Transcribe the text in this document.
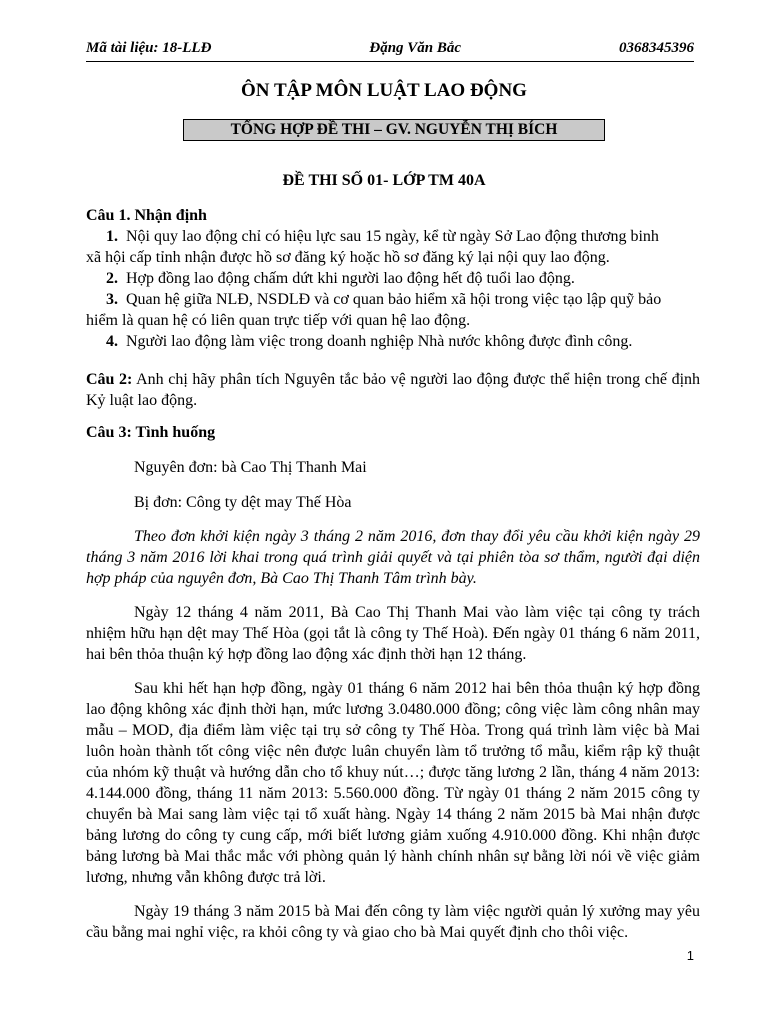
Mã tài liệu: 18-LLĐ	Đặng Văn Bắc	0368345396
ÔN TẬP MÔN LUẬT LAO ĐỘNG
TỔNG HỢP ĐỀ THI – GV. NGUYỄN THỊ BÍCH
ĐỀ THI SỐ 01- LỚP TM 40A

Câu 1. Nhận định

1. Nội quy lao động chỉ có hiệu lực sau 15 ngày, kể từ ngày Sở Lao động thương binh

xã hội cấp tỉnh nhận được hồ sơ đăng ký hoặc hồ sơ đăng ký lại nội quy lao động.

2. Hợp đồng lao động chấm dứt khi người lao động hết độ tuổi lao động.
3. Quan hệ giữa NLĐ, NSDLĐ và cơ quan bảo hiểm xã hội trong việc tạo lập quỹ bảo

hiểm là quan hệ có liên quan trực tiếp với quan hệ lao động.

4. Người lao động làm việc trong doanh nghiệp Nhà nước không được đình công.

Câu 2: Anh chị hãy phân tích Nguyên tắc bảo vệ người lao động được thể hiện trong chế định Kỷ luật lao động.

Câu 3: Tình huống

Nguyên đơn: bà Cao Thị Thanh Mai

Bị đơn: Công ty dệt may Thế Hòa

Theo đơn khởi kiện ngày 3 tháng 2 năm 2016, đơn thay đổi yêu cầu khởi kiện ngày 29 tháng 3 năm 2016 lời khai trong quá trình giải quyết và tại phiên tòa sơ thẩm, người đại diện hợp pháp của nguyên đơn, Bà Cao Thị Thanh Tâm trình bày.

Ngày 12 tháng 4 năm 2011, Bà Cao Thị Thanh Mai vào làm việc tại công ty trách nhiệm hữu hạn dệt may Thế Hòa (gọi tắt là công ty Thế Hoà). Đến ngày 01 tháng 6 năm 2011, hai bên thỏa thuận ký hợp đồng lao động xác định thời hạn 12 tháng.

Sau khi hết hạn hợp đồng, ngày 01 tháng 6 năm 2012 hai bên thỏa thuận ký hợp đồng lao động không xác định thời hạn, mức lương 3.0480.000 đồng; công việc làm công nhân may mẫu – MOD, địa điểm làm việc tại trụ sở công ty Thế Hòa. Trong quá trình làm việc bà Mai luôn hoàn thành tốt công việc nên được luân chuyển làm tổ trưởng tổ mẫu, kiểm rập kỹ thuật của nhóm kỹ thuật và hướng dẫn cho tổ khuy nút…; được tăng lương 2 lần, tháng 4 năm 2013: 4.144.000 đồng, tháng 11 năm 2013: 5.560.000 đồng. Từ ngày 01 tháng 2 năm 2015 công ty chuyển bà Mai sang làm việc tại tổ xuất hàng. Ngày 14 tháng 2 năm 2015 bà Mai nhận được bảng lương do công ty cung cấp, mới biết lương giảm xuống 4.910.000 đồng. Khi nhận được bảng lương bà Mai thắc mắc với phòng quản lý hành chính nhân sự bằng lời nói về việc giảm lương, nhưng vẫn không được trả lời.

Ngày 19 tháng 3 năm 2015 bà Mai đến công ty làm việc người quản lý xưởng may yêu cầu bằng mai nghỉ việc, ra khỏi công ty và giao cho bà Mai quyết định cho thôi việc.

1
